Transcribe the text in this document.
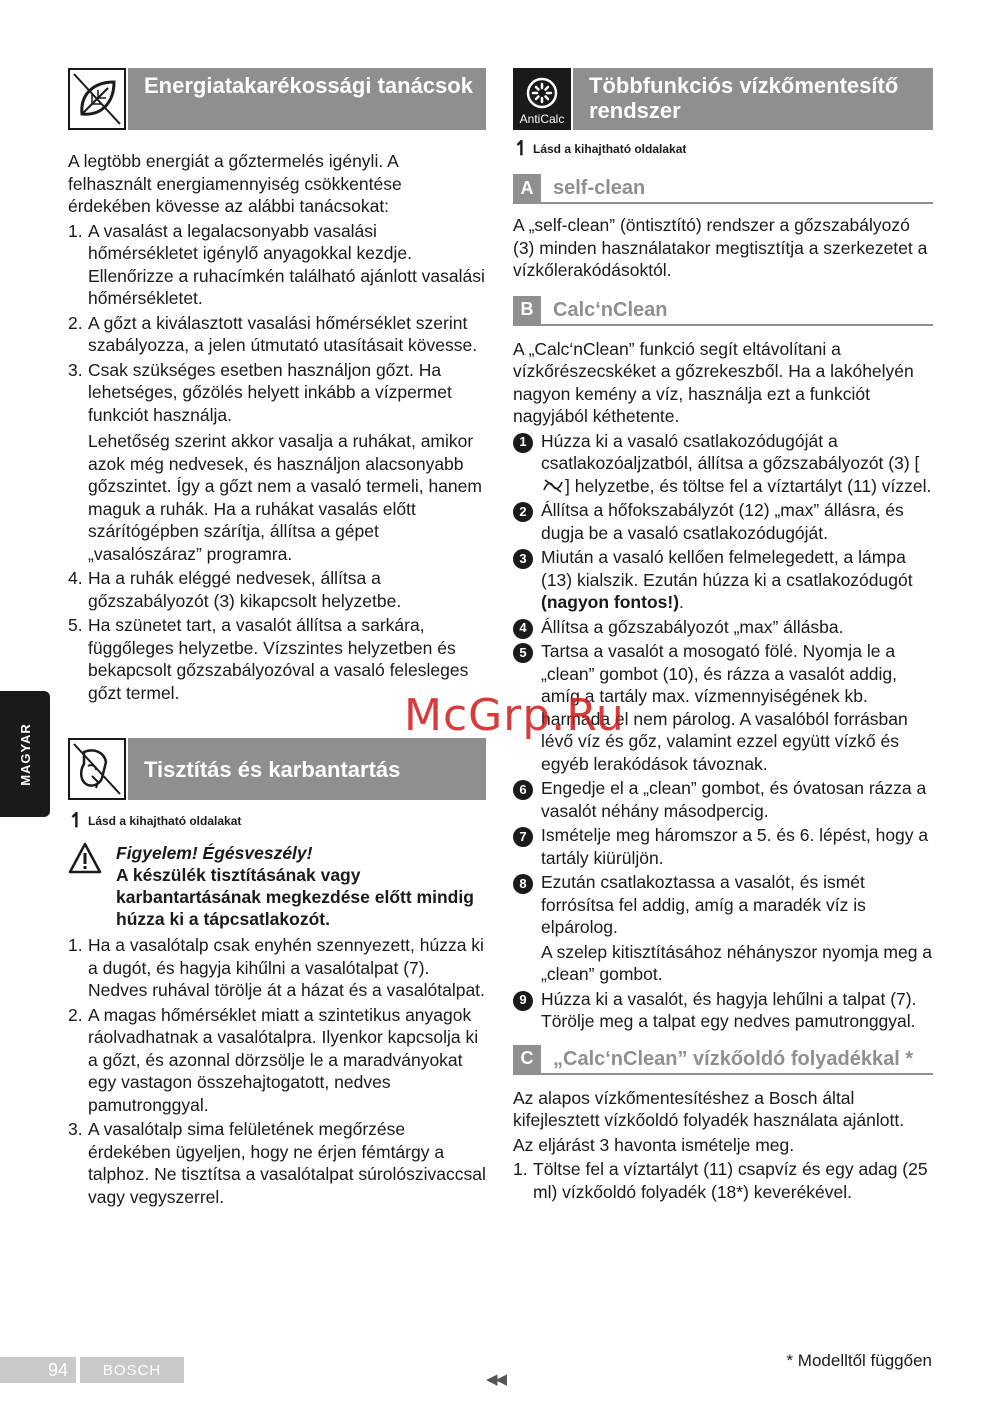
Energiatakarékossági tanácsok

A legtöbb energiát a gőztermelés igényli. A felhasznált energiamennyiség csökkentése érdekében kövesse az alábbi tanácsokat:

1. A vasalást a legalacsonyabb vasalási hőmérsékletet igénylő anyagokkal kezdje. Ellenőrizze a ruhacímkén található ajánlott vasalási hőmérsékletet.
2. A gőzt a kiválasztott vasalási hőmérséklet szerint szabályozza, a jelen útmutató utasításait kövesse.
3. Csak szükséges esetben használjon gőzt. Ha lehetséges, gőzölés helyett inkább a vízpermet funkciót használja.
Lehetőség szerint akkor vasalja a ruhákat, amikor azok még nedvesek, és használjon alacsonyabb gőzszintet. Így a gőzt nem a vasaló termeli, hanem maguk a ruhák. Ha a ruhákat vasalás előtt szárítógépben szárítja, állítsa a gépet „vasalószáraz” programra.
4. Ha a ruhák eléggé nedvesek, állítsa a gőzszabályozót (3) kikapcsolt helyzetbe.
5. Ha szünetet tart, a vasalót állítsa a sarkára, függőleges helyzetbe. Vízszintes helyzetben és bekapcsolt gőzszabályozóval a vasaló felesleges gőzt termel.
Tisztítás és karbantartás
↿ Lásd a kihajtható oldalakat
Figyelem! Égésveszély!
A készülék tisztításának vagy karbantartásának megkezdése előtt mindig húzza ki a tápcsatlakozót.
1. Ha a vasalótalp csak enyhén szennyezett, húzza ki a dugót, és hagyja kihűlni a vasalótalpat (7). Nedves ruhával törölje át a házat és a vasalótalpat.
2. A magas hőmérséklet miatt a szintetikus anyagok ráolvadhatnak a vasalótalpra. Ilyenkor kapcsolja ki a gőzt, és azonnal dörzsölje le a maradványokat egy vastagon összehajtogatott, nedves pamutronggyal.
3. A vasalótalp sima felületének megőrzése érdekében ügyeljen, hogy ne érjen fémtárgy a talphoz. Ne tisztítsa a vasalótalpat súrolószivaccsal vagy vegyszerrel.
AntiCalc
Többfunkciós vízkőmentesítő rendszer
↿ Lásd a kihajtható oldalakat
A self-clean

A „self-clean” (öntisztító) rendszer a gőzszabályozó (3) minden használatakor megtisztítja a szerkezetet a vízkőlerakódásoktól.

B Calc‘nClean

A „Calc‘nClean” funkció segít eltávolítani a vízkőrészecskéket a gőzrekeszből. Ha a lakóhelyén nagyon kemény a víz, használja ezt a funkciót nagyjából kéthetente.

1 Húzza ki a vasaló csatlakozódugóját a csatlakozóaljzatból, állítsa a gőzszabályozót (3) [] helyzetbe, és töltse fel a víztartályt (11) vízzel.
2 Állítsa a hőfokszabályzót (12) „max” állásra, és dugja be a vasaló csatlakozódugóját.
3 Miután a vasaló kellően felmelegedett, a lámpa (13) kialszik. Ezután húzza ki a csatlakozódugót (nagyon fontos!).
4 Állítsa a gőzszabályozót „max” állásba.
5 Tartsa a vasalót a mosogató fölé. Nyomja le a „clean” gombot (10), és rázza a vasalót addig, amíg a tartály max. vízmennyiségének kb. harmada el nem párolog. A vasalóból forrásban lévő víz és gőz, valamint ezzel együtt vízkő és egyéb lerakódások távoznak.
6 Engedje el a „clean” gombot, és óvatosan rázza a vasalót néhány másodpercig.
7 Ismételje meg háromszor a 5. és 6. lépést, hogy a tartály kiürüljön.
8 Ezután csatlakoztassa a vasalót, és ismét forrósítsa fel addig, amíg a maradék víz is elpárolog.
A szelep kitisztításához néhányszor nyomja meg a „clean” gombot.
9 Húzza ki a vasalót, és hagyja lehűlni a talpat (7). Törölje meg a talpat egy nedves pamutronggyal.
C „Calc‘nClean” vízkőoldó folyadékkal *

Az alapos vízkőmentesítéshez a Bosch által kifejlesztett vízkőoldó folyadék használata ajánlott.

Az eljárást 3 havonta ismételje meg.

1. Töltse fel a víztartályt (11) csapvíz és egy adag (25 ml) vízkőoldó folyadék (18*) keverékével.
MAGYAR
McGrp.Ru
94	BOSCH
◀◀
* Modelltől függően
